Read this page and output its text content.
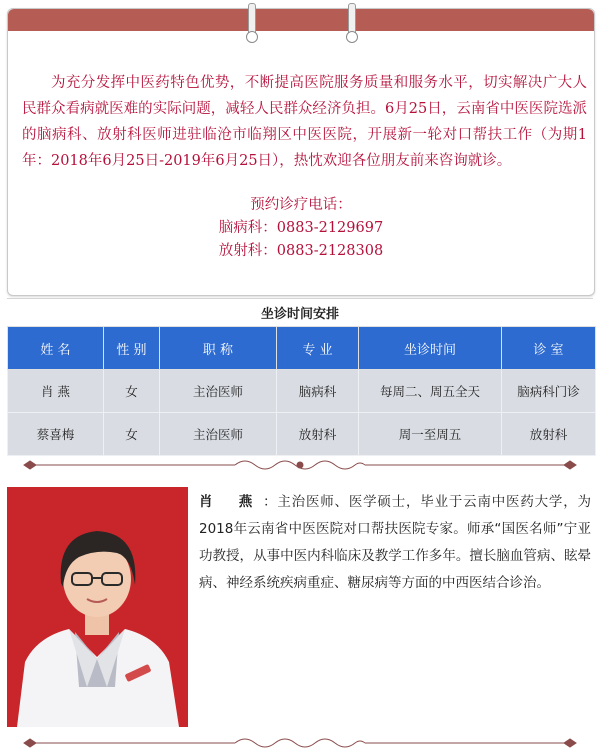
为充分发挥中医药特色优势，不断提高医院服务质量和服务水平，切实解决广大人民群众看病就医难的实际问题，减轻人民群众经济负担。6月25日，云南省中医医院选派的脑病科、放射科医师进驻临沧市临翔区中医医院，开展新一轮对口帮扶工作（为期1年：2018年6月25日-2019年6月25日），热忱欢迎各位朋友前来咨询就诊。

预约诊疗电话：
脑病科：0883-2129697
放射科：0883-2128308
坐诊时间安排
姓 名	性 别	职 称	专 业	坐诊时间	诊 室
肖 燕	女	主治医师	脑病科	每周二、周五全天	脑病科门诊
蔡喜梅	女	主治医师	放射科	周一至周五	放射科

肖 燕：主治医师、医学硕士，毕业于云南中医药大学，为2018年云南省中医医院对口帮扶医院专家。师承“国医名师”宁亚功教授，从事中医内科临床及教学工作多年。擅长脑血管病、眩晕病、神经系统疾病重症、糖尿病等方面的中西医结合诊治。
